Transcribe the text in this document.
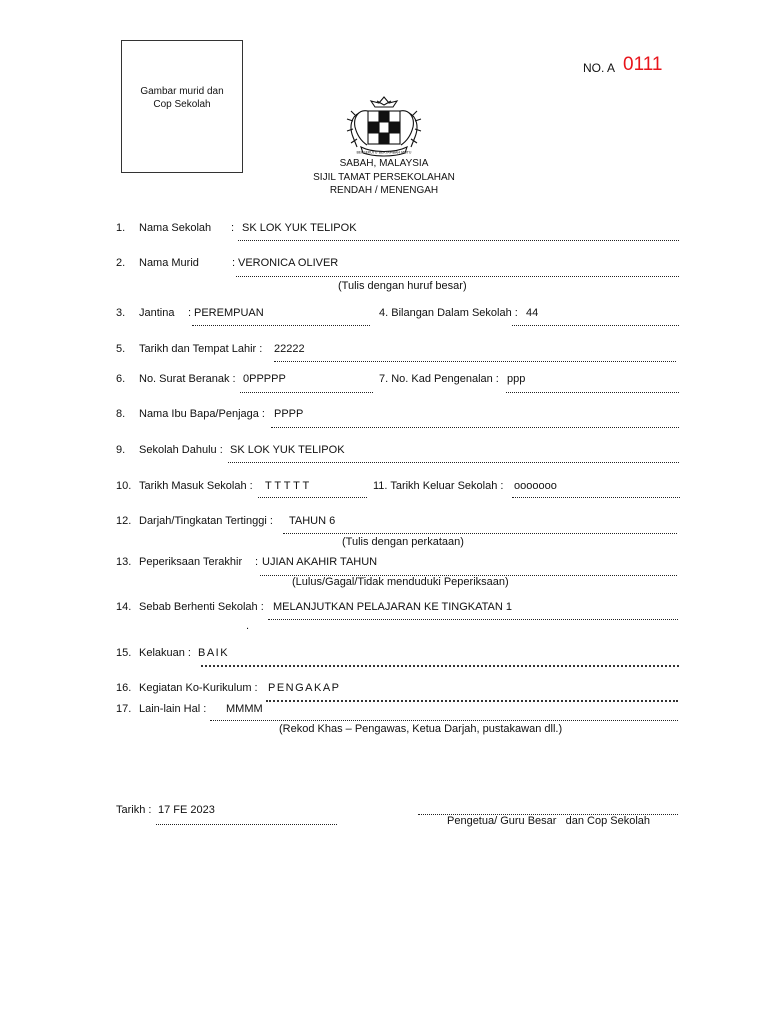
Gambar murid dan
Cop Sekolah
NO. A 0111
BERSEKUTU BERTAMBAH MUTU
SABAH, MALAYSIA
SIJIL TAMAT PERSEKOLAHAN
RENDAH / MENENGAH
1. Nama Sekolah : SK LOK YUK TELIPOK
2. Nama Murid	: VERONICA OLIVER
(Tulis dengan huruf besar)
3. Jantina : PEREMPUAN	4. Bilangan Dalam Sekolah : 44
5. Tarikh dan Tempat Lahir : 22222
6. No. Surat Beranak : 0PPPPP	7. No. Kad Pengenalan : ppp
8. Nama Ibu Bapa/Penjaga : PPPP
9. Sekolah Dahulu : SK LOK YUK TELIPOK
10. Tarikh Masuk Sekolah : T T T T T	11. Tarikh Keluar Sekolah : ooooooo
12. Darjah/Tingkatan Tertinggi : TAHUN 6
(Tulis dengan perkataan)
13. Peperiksaan Terakhir : UJIAN AKAHIR TAHUN
(Lulus/Gagal/Tidak menduduki Peperiksaan)
14. Sebab Berhenti Sekolah : MELANJUTKAN PELAJARAN KE TINGKATAN 1
.
15. Kelakuan : BAIK
16. Kegiatan Ko-Kurikulum : PENGAKAP
17. Lain-lain Hal : MMMM
(Rekod Khas – Pengawas, Ketua Darjah, pustakawan dll.)
Tarikh : 17 FE 2023
Pengetua/ Guru Besar   dan Cop Sekolah
